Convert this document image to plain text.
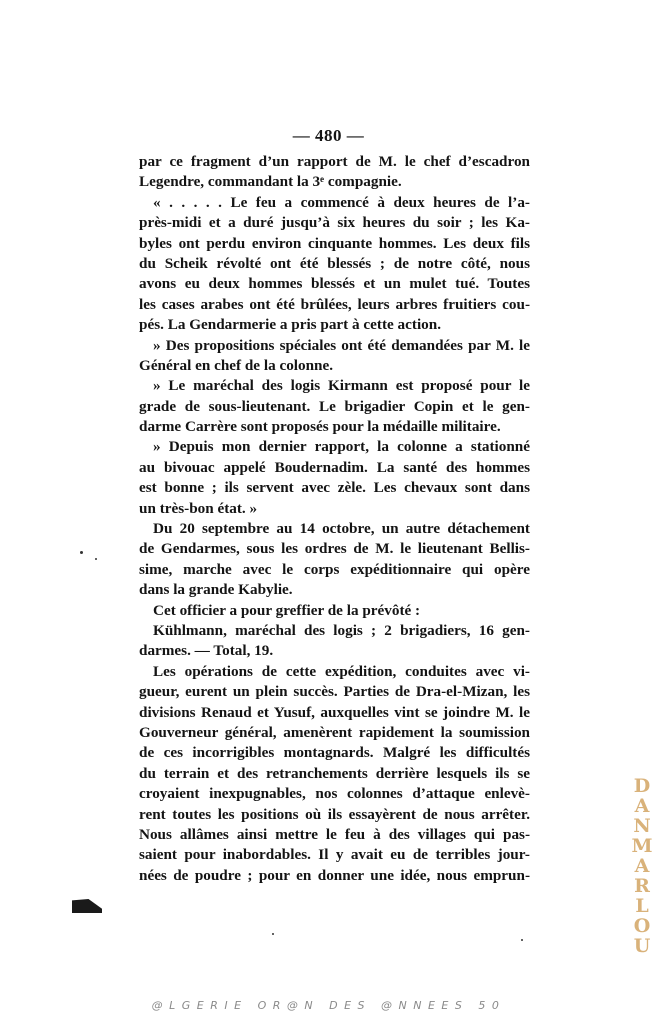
— 480 —
par ce fragment d’un rapport de M. le chef d’escadron
Legendre, commandant la 3ᵉ compagnie.
« . . . . . Le feu a commencé à deux heures de l’a-
près-midi et a duré jusqu’à six heures du soir ; les Ka-
byles ont perdu environ cinquante hommes. Les deux fils
du Scheik révolté ont été blessés ; de notre côté, nous
avons eu deux hommes blessés et un mulet tué. Toutes
les cases arabes ont été brûlées, leurs arbres fruitiers cou-
pés. La Gendarmerie a pris part à cette action.
» Des propositions spéciales ont été demandées par M. le
Général en chef de la colonne.
» Le maréchal des logis Kirmann est proposé pour le
grade de sous-lieutenant. Le brigadier Copin et le gen-
darme Carrère sont proposés pour la médaille militaire.
» Depuis mon dernier rapport, la colonne a stationné
au bivouac appelé Boudernadim. La santé des hommes
est bonne ; ils servent avec zèle. Les chevaux sont dans
un très-bon état. »
Du 20 septembre au 14 octobre, un autre détachement
de Gendarmes, sous les ordres de M. le lieutenant Bellis-
sime, marche avec le corps expéditionnaire qui opère
dans la grande Kabylie.
Cet officier a pour greffier de la prévôté :
Kühlmann, maréchal des logis ; 2 brigadiers, 16 gen-
darmes. — Total, 19.
Les opérations de cette expédition, conduites avec vi-
gueur, eurent un plein succès. Parties de Dra-el-Mizan, les
divisions Renaud et Yusuf, auxquelles vint se joindre M. le
Gouverneur général, amenèrent rapidement la soumission
de ces incorrigibles montagnards. Malgré les difficultés
du terrain et des retranchements derrière lesquels ils se
croyaient inexpugnables, nos colonnes d’attaque enlevè-
rent toutes les positions où ils essayèrent de nous arrêter.
Nous allâmes ainsi mettre le feu à des villages qui pas-
saient pour inabordables. Il y avait eu de terribles jour-
nées de poudre ; pour en donner une idée, nous emprun-
D
A
N
M
A
R
L
O
U
@LGERIE OR@N DES @NNEES 50
